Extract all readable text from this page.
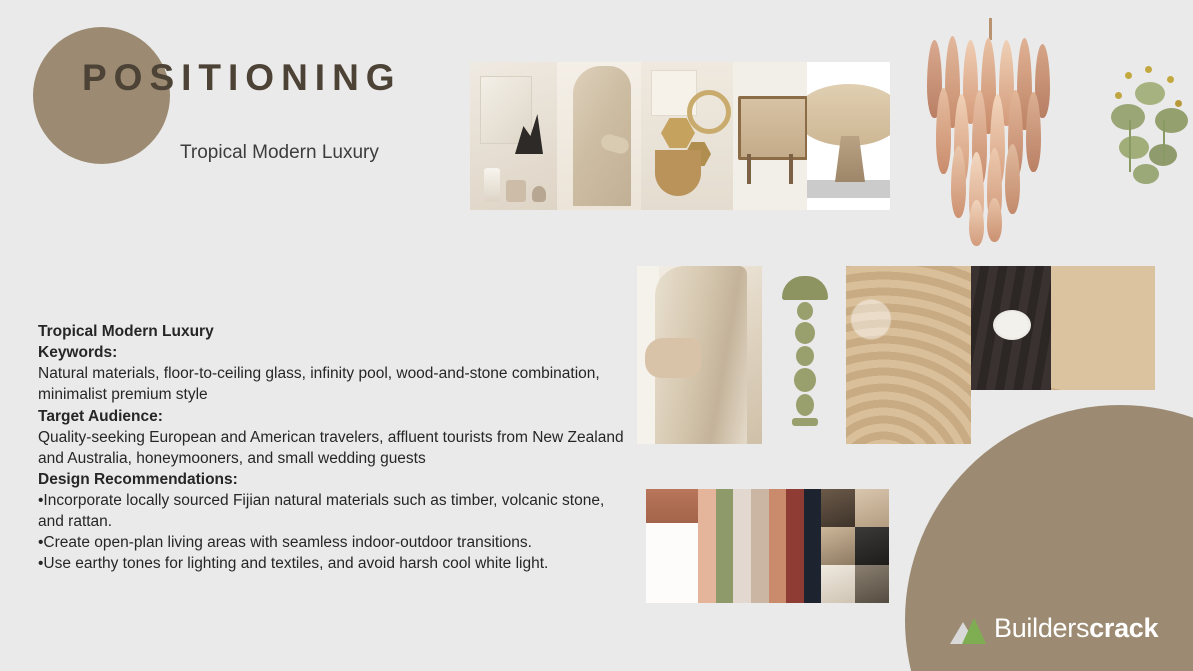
POSITIONING
Tropical Modern Luxury

Tropical Modern Luxury

Keywords:

Natural materials, floor-to-ceiling glass, infinity pool, wood-and-stone combination, minimalist premium style

Target Audience:

Quality-seeking European and American travelers, affluent tourists from New Zealand and Australia, honeymooners, and small wedding guests

Design Recommendations:

•Incorporate locally sourced Fijian natural materials such as timber, volcanic stone, and rattan.

•Create open-plan living areas with seamless indoor-outdoor transitions.

•Use earthy tones for lighting and textiles, and avoid harsh cool white light.

Builderscrack
